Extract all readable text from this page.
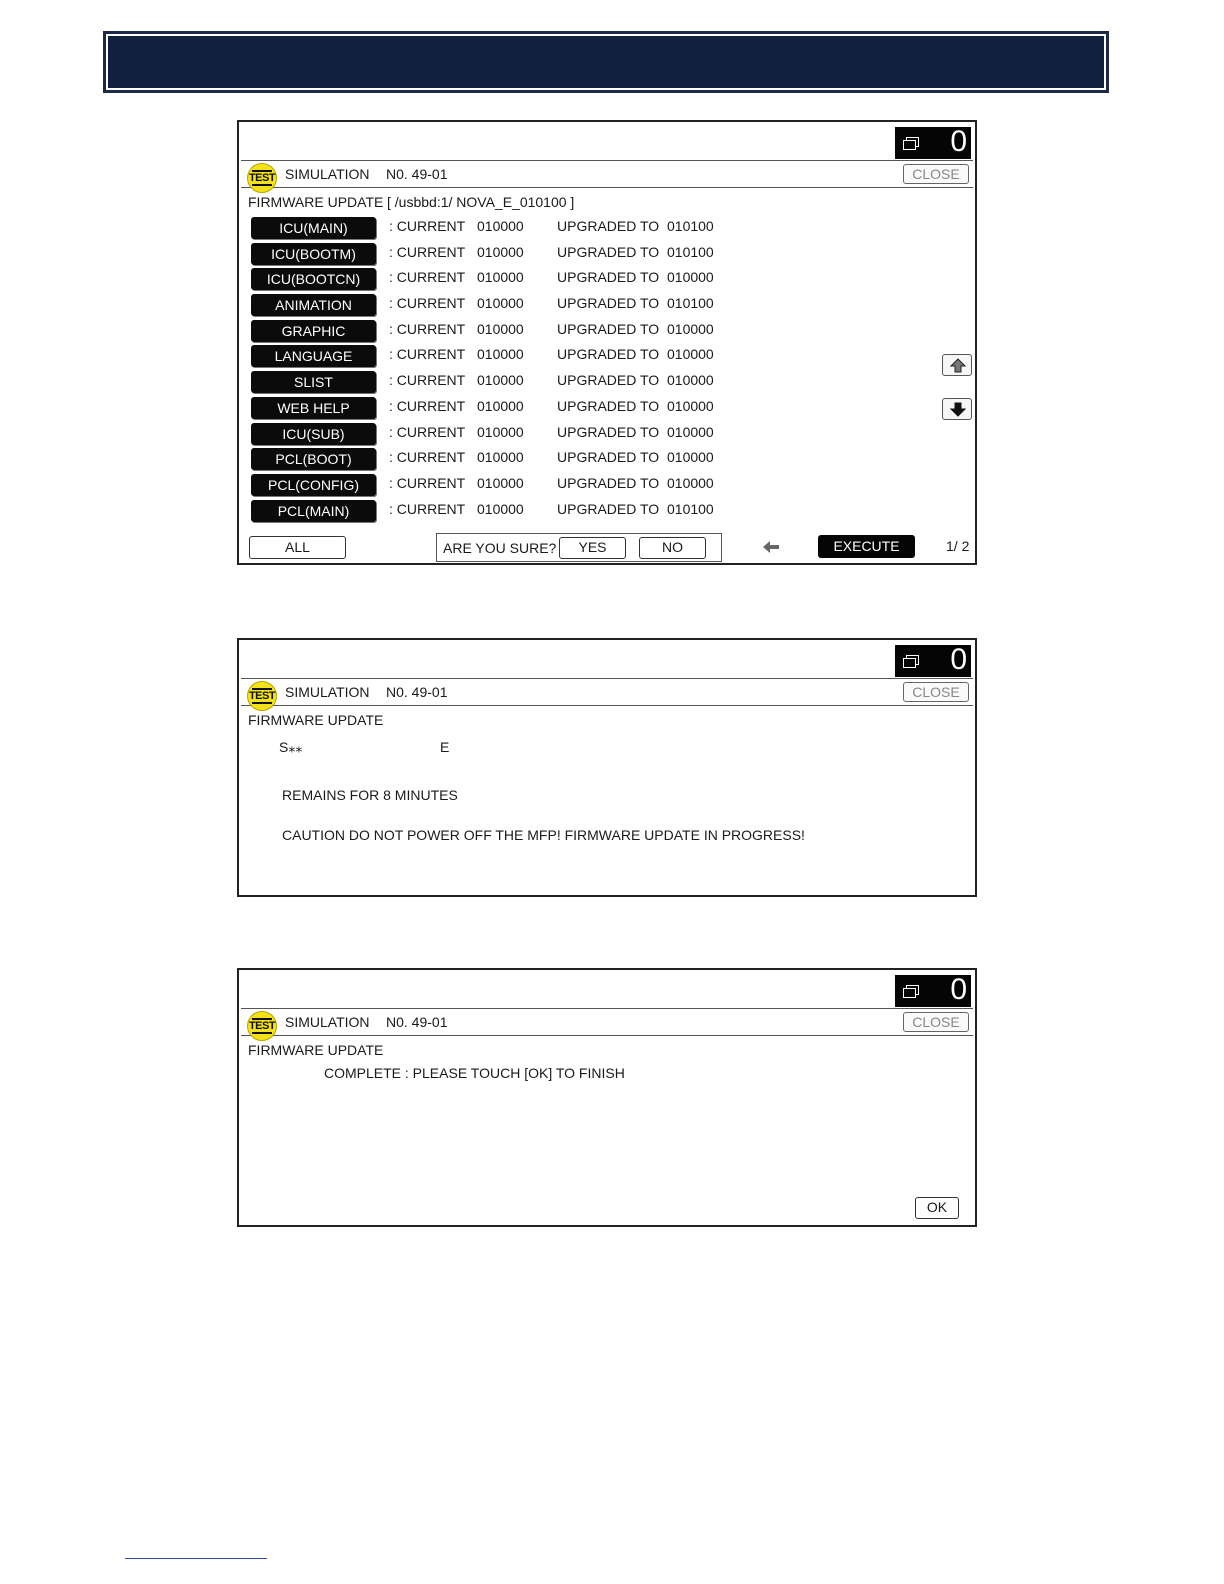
0
TEST SIMULATION N0. 49-01	CLOSE
FIRMWARE UPDATE [ /usbbd:1/ NOVA_E_010100 ]
ICU(MAIN)	: CURRENT 010000 UPGRADED TO 010100
ICU(BOOTM)	: CURRENT 010000 UPGRADED TO 010100
ICU(BOOTCN)	: CURRENT 010000 UPGRADED TO 010000
ANIMATION	: CURRENT 010000 UPGRADED TO 010100
GRAPHIC	: CURRENT 010000 UPGRADED TO 010000
LANGUAGE	: CURRENT 010000 UPGRADED TO 010000
SLIST	: CURRENT 010000 UPGRADED TO 010000
WEB HELP	: CURRENT 010000 UPGRADED TO 010000
ICU(SUB)	: CURRENT 010000 UPGRADED TO 010000
PCL(BOOT)	: CURRENT 010000 UPGRADED TO 010000
PCL(CONFIG)	: CURRENT 010000 UPGRADED TO 010000
PCL(MAIN)	: CURRENT 010000 UPGRADED TO 010100
ALL	ARE YOU SURE?	YES	NO	EXECUTE	1/ 2
0
TEST SIMULATION N0. 49-01	CLOSE
FIRMWARE UPDATE
S⁎⁎	E
REMAINS FOR 8 MINUTES
CAUTION DO NOT POWER OFF THE MFP! FIRMWARE UPDATE IN PROGRESS!
0
TEST SIMULATION N0. 49-01	CLOSE
FIRMWARE UPDATE
COMPLETE : PLEASE TOUCH [OK] TO FINISH
OK
